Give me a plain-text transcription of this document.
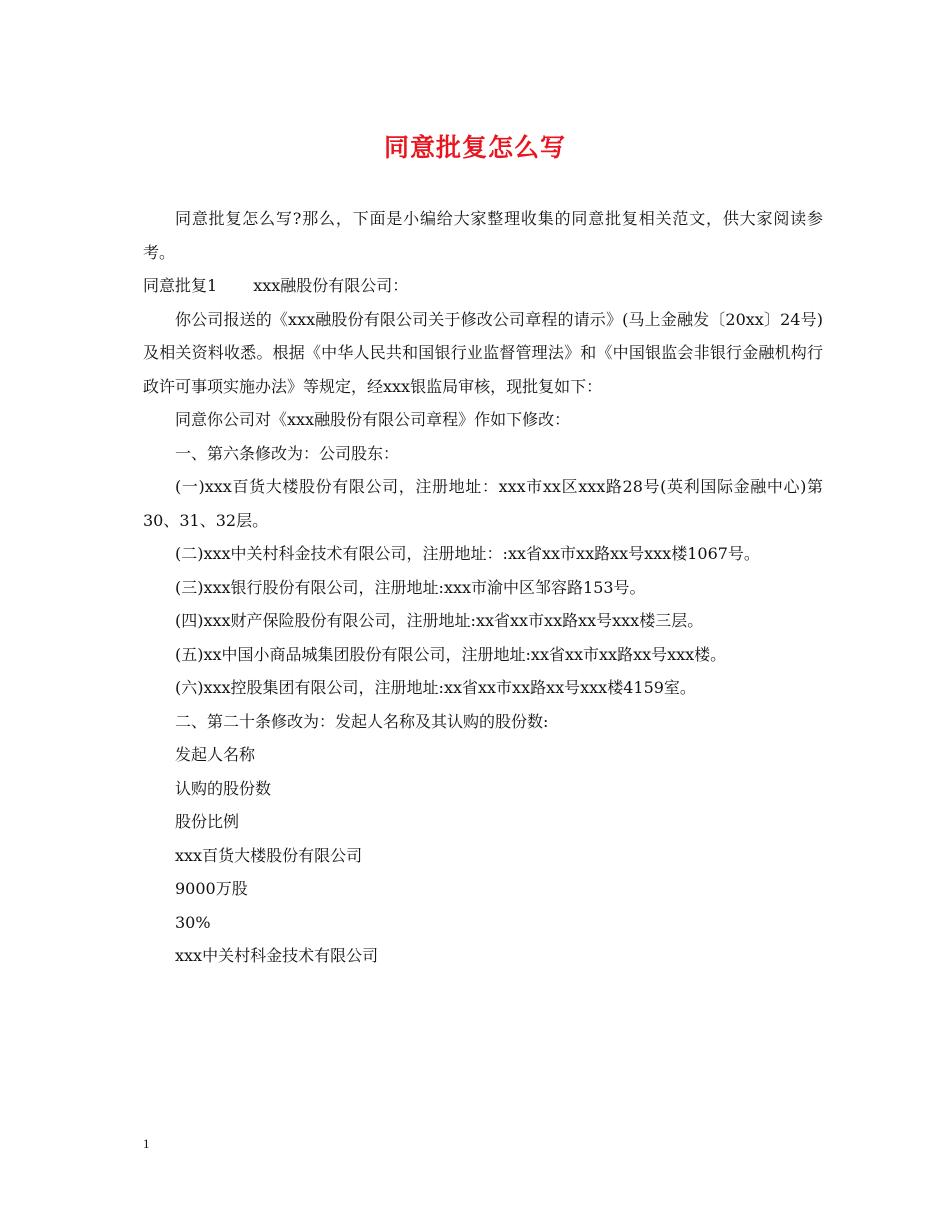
同意批复怎么写

同意批复怎么写?那么，下面是小编给大家整理收集的同意批复相关范文，供大家阅读参考。

同意批复1 xxx融股份有限公司：

你公司报送的《xxx融股份有限公司关于修改公司章程的请示》(马上金融发〔20xx〕24号)及相关资料收悉。根据《中华人民共和国银行业监督管理法》和《中国银监会非银行金融机构行政许可事项实施办法》等规定，经xxx银监局审核，现批复如下：

同意你公司对《xxx融股份有限公司章程》作如下修改：

一、第六条修改为：公司股东：

(一)xxx百货大楼股份有限公司，注册地址：xxx市xx区xxx路28号(英利国际金融中心)第30、31、32层。

(二)xxx中关村科金技术有限公司，注册地址：:xx省xx市xx路xx号xxx楼1067号。

(三)xxx银行股份有限公司，注册地址:xxx市渝中区邹容路153号。

(四)xxx财产保险股份有限公司，注册地址:xx省xx市xx路xx号xxx楼三层。

(五)xx中国小商品城集团股份有限公司，注册地址:xx省xx市xx路xx号xxx楼。

(六)xxx控股集团有限公司，注册地址:xx省xx市xx路xx号xxx楼4159室。

二、第二十条修改为：发起人名称及其认购的股份数:

发起人名称

认购的股份数

股份比例

xxx百货大楼股份有限公司

9000万股

30%

xxx中关村科金技术有限公司

1
